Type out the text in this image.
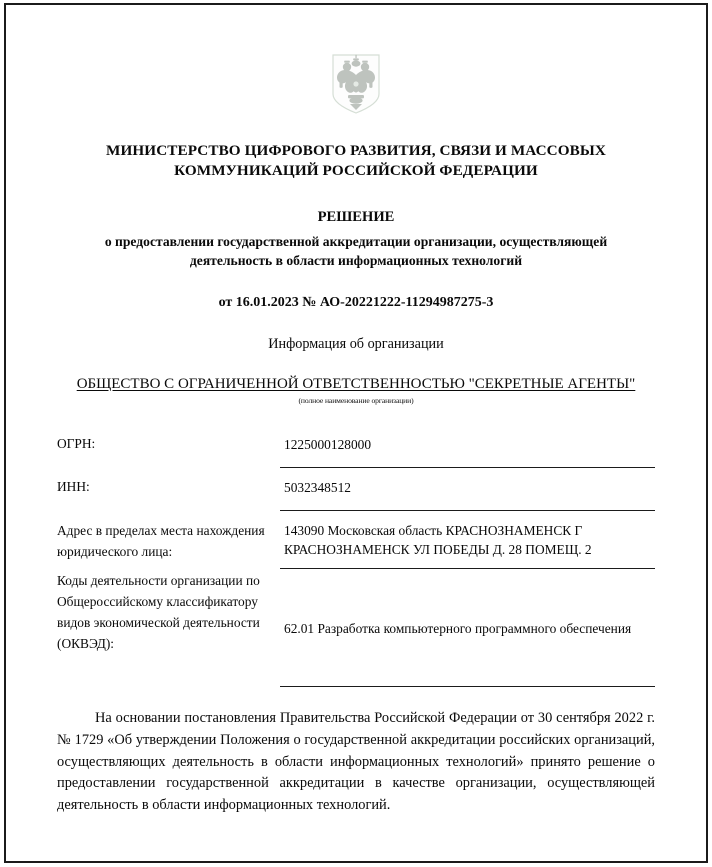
МИНИСТЕРСТВО ЦИФРОВОГО РАЗВИТИЯ, СВЯЗИ И МАССОВЫХ КОММУНИКАЦИЙ РОССИЙСКОЙ ФЕДЕРАЦИИ
РЕШЕНИЕ
о предоставлении государственной аккредитации организации, осуществляющей деятельность в области информационных технологий
от 16.01.2023 № АО-20221222-11294987275-3
Информация об организации
ОБЩЕСТВО С ОГРАНИЧЕННОЙ ОТВЕТСТВЕННОСТЬЮ "СЕКРЕТНЫЕ АГЕНТЫ"
(полное наименование организации)
ОГРН:	1225000128000
ИНН:	5032348512
Адрес в пределах места нахождения юридического лица:	143090 Московская область КРАСНОЗНАМЕНСК Г КРАСНОЗНАМЕНСК УЛ ПОБЕДЫ Д. 28 ПОМЕЩ. 2
Коды деятельности организации по Общероссийскому классификатору видов экономической деятельности (ОКВЭД):	62.01 Разработка компьютерного программного обеспечения
На основании постановления Правительства Российской Федерации от 30 сентября 2022 г. № 1729 «Об утверждении Положения о государственной аккредитации российских организаций, осуществляющих деятельность в области информационных технологий» принято решение о предоставлении государственной аккредитации в качестве организации, осуществляющей деятельность в области информационных технологий.
